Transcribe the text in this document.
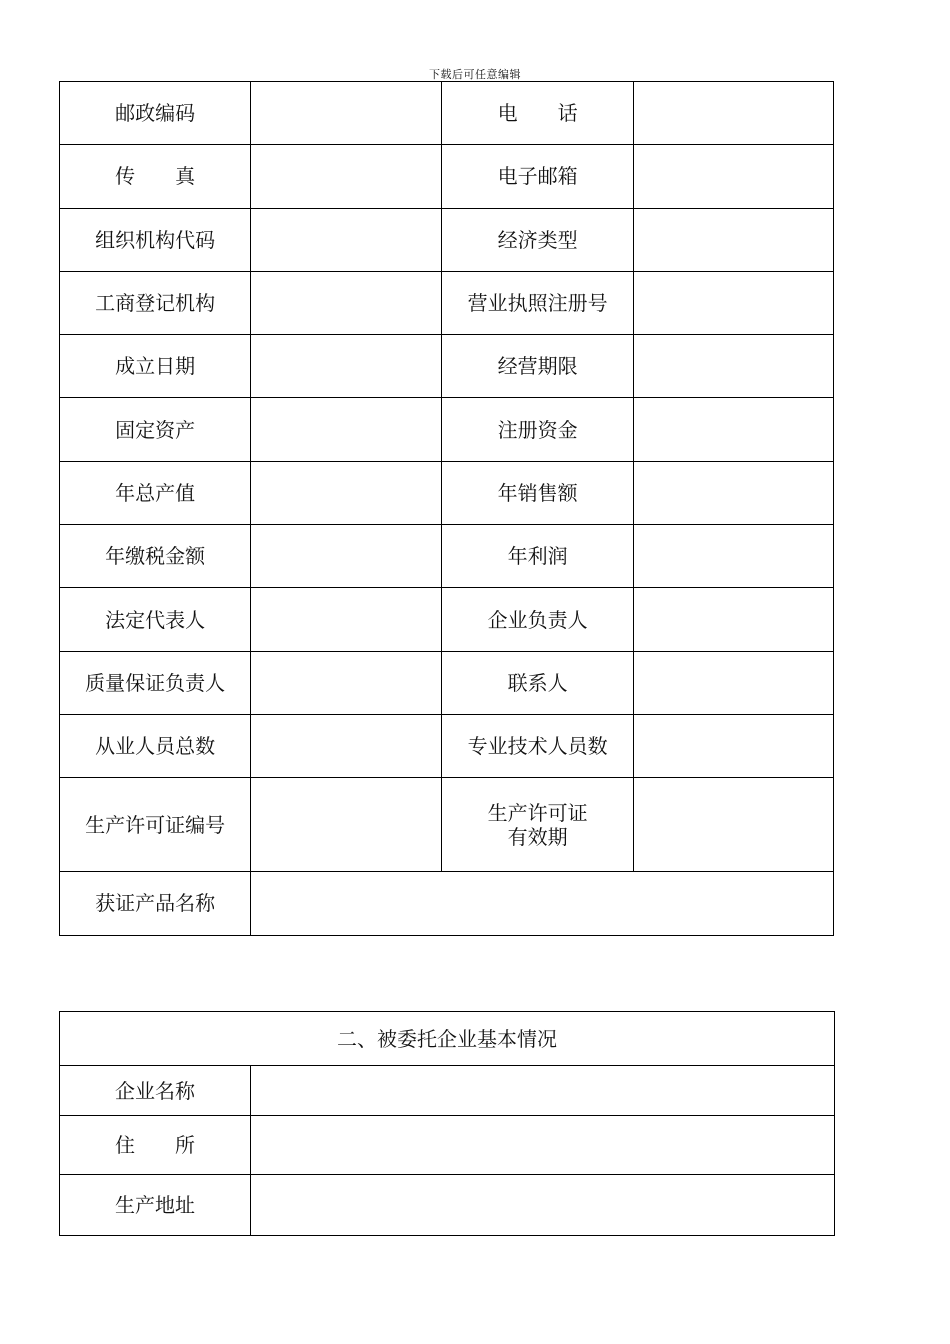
下载后可任意编辑
邮政编码		电　　话	
传　　真		电子邮箱	
组织机构代码		经济类型	
工商登记机构		营业执照注册号	
成立日期		经营期限	
固定资产		注册资金	
年总产值		年销售额	
年缴税金额		年利润	
法定代表人		企业负责人	
质量保证负责人		联系人	
从业人员总数		专业技术人员数	
生产许可证编号		生产许可证
有效期	

获证产品名称			
二、被委托企业基本情况	
企业名称	
住　　所	
生产地址	
